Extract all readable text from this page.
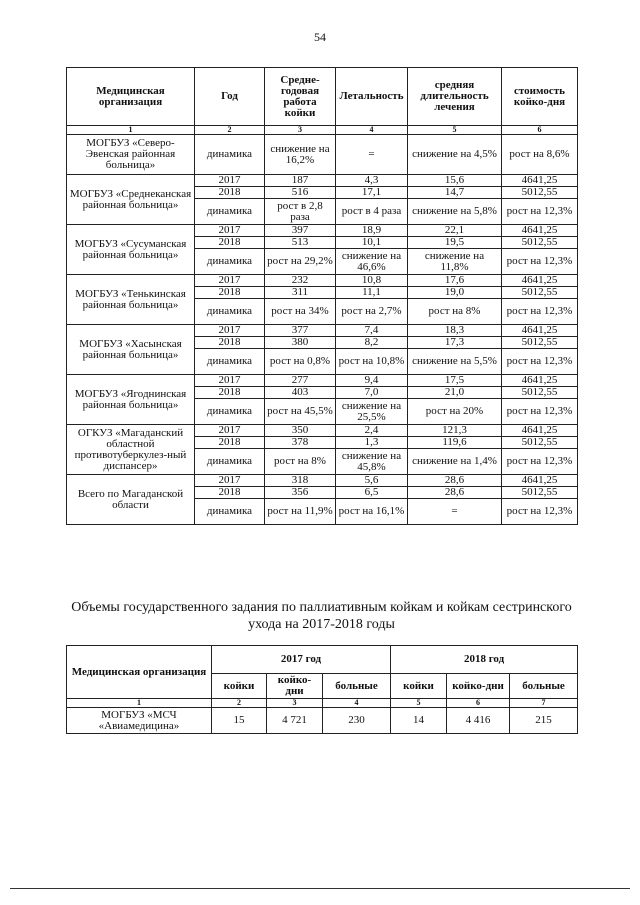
54
Медицинская организация	Год	Средне-годовая работа койки	Летальность	средняя длительность лечения	стоимость койко-дня
1	2	3	4	5	6
МОГБУЗ «Северо-Эвенская районная больница»	динамика	снижение на 16,2%	=	снижение на 4,5%	рост на 8,6%
МОГБУЗ «Среднеканская районная больница»	2017	187	4,3	15,6	4641,25
	2018	516	17,1	14,7	5012,55
	динамика	рост в 2,8 раза	рост в 4 раза	снижение на 5,8%	рост на 12,3%
МОГБУЗ «Сусуманская районная больница»	2017	397	18,9	22,1	4641,25
	2018	513	10,1	19,5	5012,55
	динамика	рост на 29,2%	снижение на 46,6%	снижение на 11,8%	рост на 12,3%
МОГБУЗ «Тенькинская районная больница»	2017	232	10,8	17,6	4641,25
	2018	311	11,1	19,0	5012,55
	динамика	рост на 34%	рост на 2,7%	рост на 8%	рост на 12,3%
МОГБУЗ «Хасынская районная больница»	2017	377	7,4	18,3	4641,25
	2018	380	8,2	17,3	5012,55
	динамика	рост на 0,8%	рост на 10,8%	снижение на 5,5%	рост на 12,3%
МОГБУЗ «Ягоднинская районная больница»	2017	277	9,4	17,5	4641,25
	2018	403	7,0	21,0	5012,55
	динамика	рост на 45,5%	снижение на 25,5%	рост на 20%	рост на 12,3%
ОГКУЗ «Магаданский областной противотуберкулез-ный диспансер»	2017	350	2,4	121,3	4641,25
	2018	378	1,3	119,6	5012,55
	динамика	рост на 8%	снижение на 45,8%	снижение на 1,4%	рост на 12,3%
Всего по Магаданской области	2017	318	5,6	28,6	4641,25
	2018	356	6,5	28,6	5012,55
	динамика	рост на 11,9%	рост на 16,1%	=	рост на 12,3%
Объемы государственного задания по паллиативным койкам и койкам сестринского ухода на 2017-2018 годы
Медицинская организация	2017 год			2018 год		
	койки	койко-дни	больные	койки	койко-дни	больные
1	2	3	4	5	6	7
МОГБУЗ «МСЧ «Авиамедицина»	15	4 721	230	14	4 416	215
